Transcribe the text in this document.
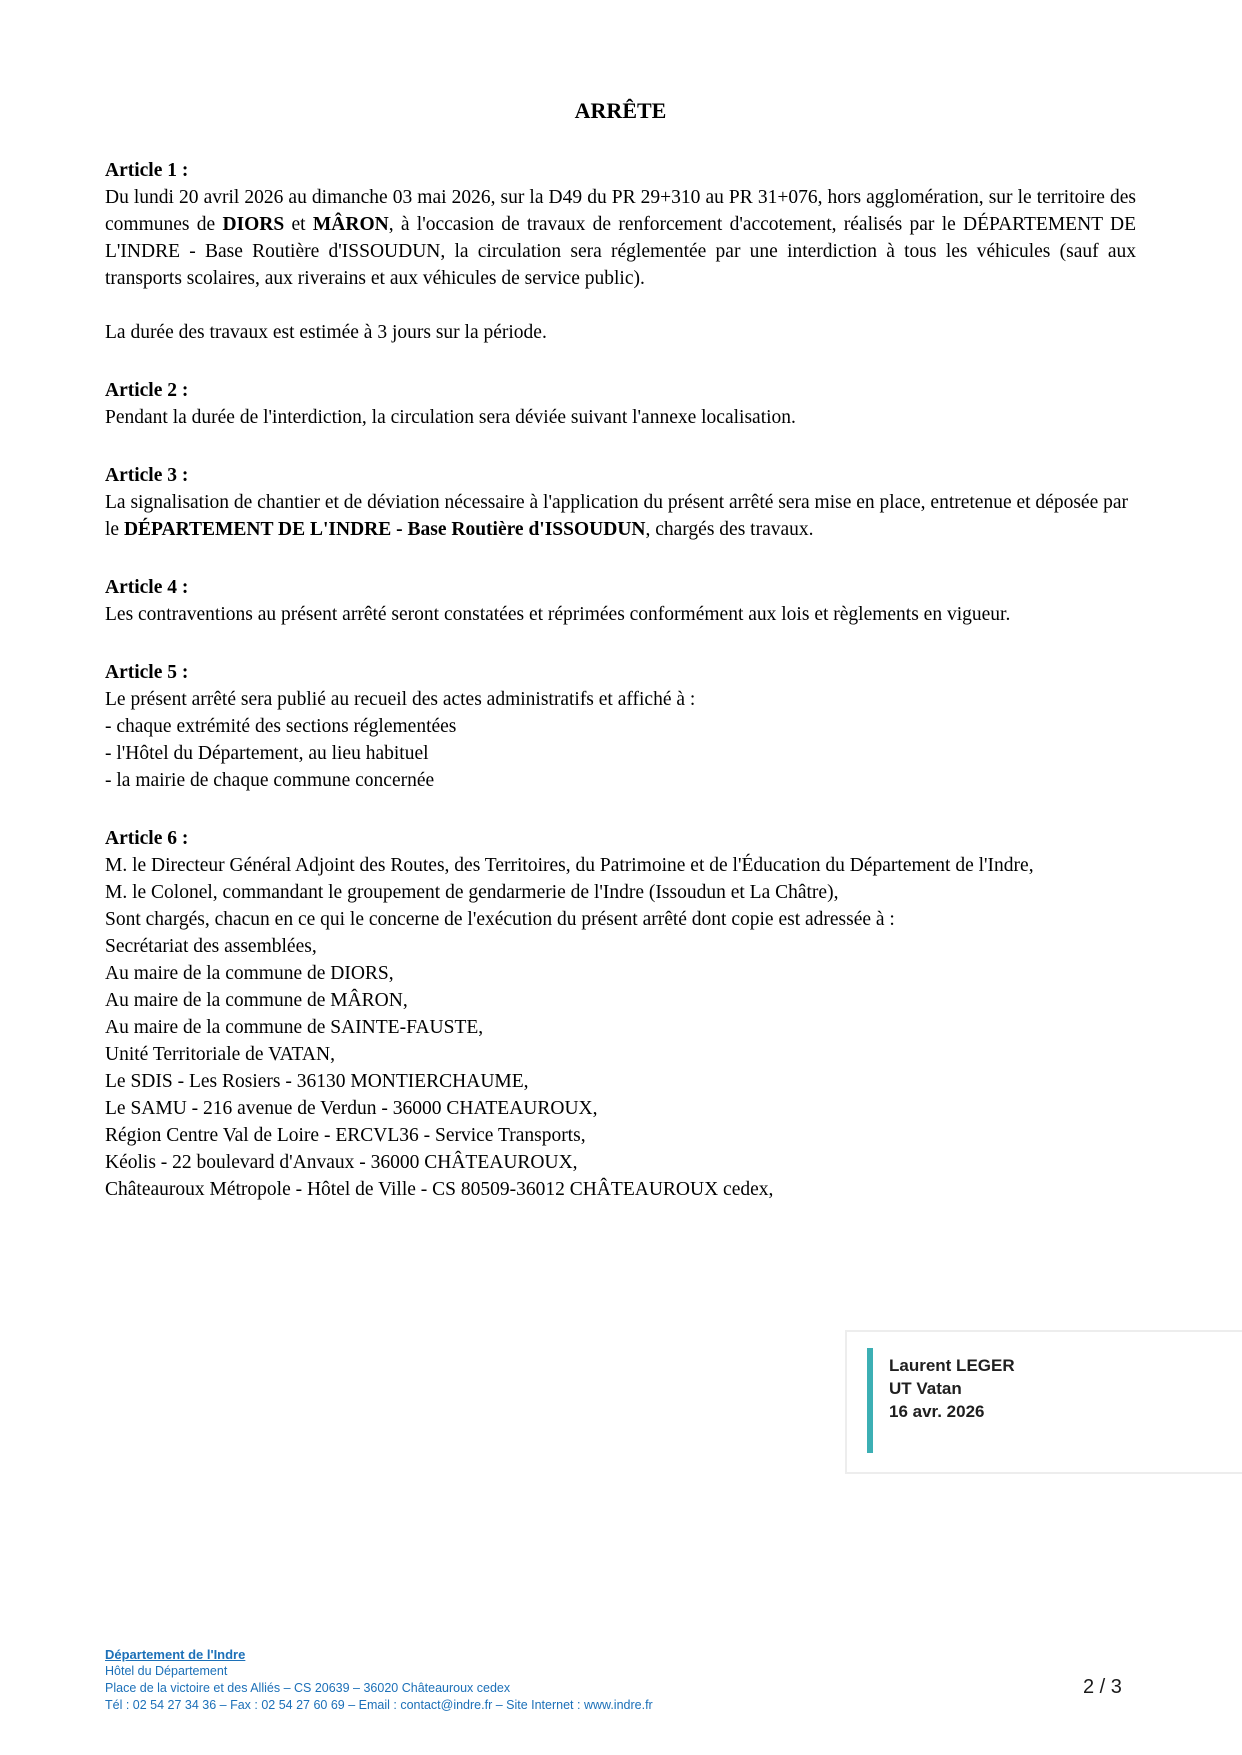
ARRÊTE
Article 1 :

Du lundi 20 avril 2026 au dimanche 03 mai 2026, sur la D49 du PR 29+310 au PR 31+076, hors agglomération, sur le territoire des communes de DIORS et MÂRON, à l'occasion de travaux de renforcement d'accotement, réalisés par le DÉPARTEMENT DE L'INDRE - Base Routière d'ISSOUDUN, la circulation sera réglementée par une interdiction à tous les véhicules (sauf aux transports scolaires, aux riverains et aux véhicules de service public).

La durée des travaux est estimée à 3 jours sur la période.

Article 2 :

Pendant la durée de l'interdiction, la circulation sera déviée suivant l'annexe localisation.

Article 3 :

La signalisation de chantier et de déviation nécessaire à l'application du présent arrêté sera mise en place, entretenue et déposée par le DÉPARTEMENT DE L'INDRE - Base Routière d'ISSOUDUN, chargés des travaux.

Article 4 :

Les contraventions au présent arrêté seront constatées et réprimées conformément aux lois et règlements en vigueur.

Article 5 :

Le présent arrêté sera publié au recueil des actes administratifs et affiché à :

- chaque extrémité des sections réglementées

- l'Hôtel du Département, au lieu habituel

- la mairie de chaque commune concernée

Article 6 :

M. le Directeur Général Adjoint des Routes, des Territoires, du Patrimoine et de l'Éducation du Département de l'Indre,

M. le Colonel, commandant le groupement de gendarmerie de l'Indre (Issoudun et La Châtre),

Sont chargés, chacun en ce qui le concerne de l'exécution du présent arrêté dont copie est adressée à :

Secrétariat des assemblées,

Au maire de la commune de DIORS,

Au maire de la commune de MÂRON,

Au maire de la commune de SAINTE-FAUSTE,

Unité Territoriale de VATAN,

Le SDIS - Les Rosiers - 36130 MONTIERCHAUME,

Le SAMU - 216 avenue de Verdun - 36000 CHATEAUROUX,

Région Centre Val de Loire - ERCVL36 - Service Transports,

Kéolis - 22 boulevard d'Anvaux - 36000 CHÂTEAUROUX,

Châteauroux Métropole - Hôtel de Ville - CS 80509-36012 CHÂTEAUROUX cedex,

Laurent LEGER
UT Vatan
16 avr. 2026
Département de l'Indre
Hôtel du Département
Place de la victoire et des Alliés – CS 20639 – 36020 Châteauroux cedex
Tél : 02 54 27 34 36 – Fax : 02 54 27 60 69 – Email : contact@indre.fr – Site Internet : www.indre.fr
2 / 3
